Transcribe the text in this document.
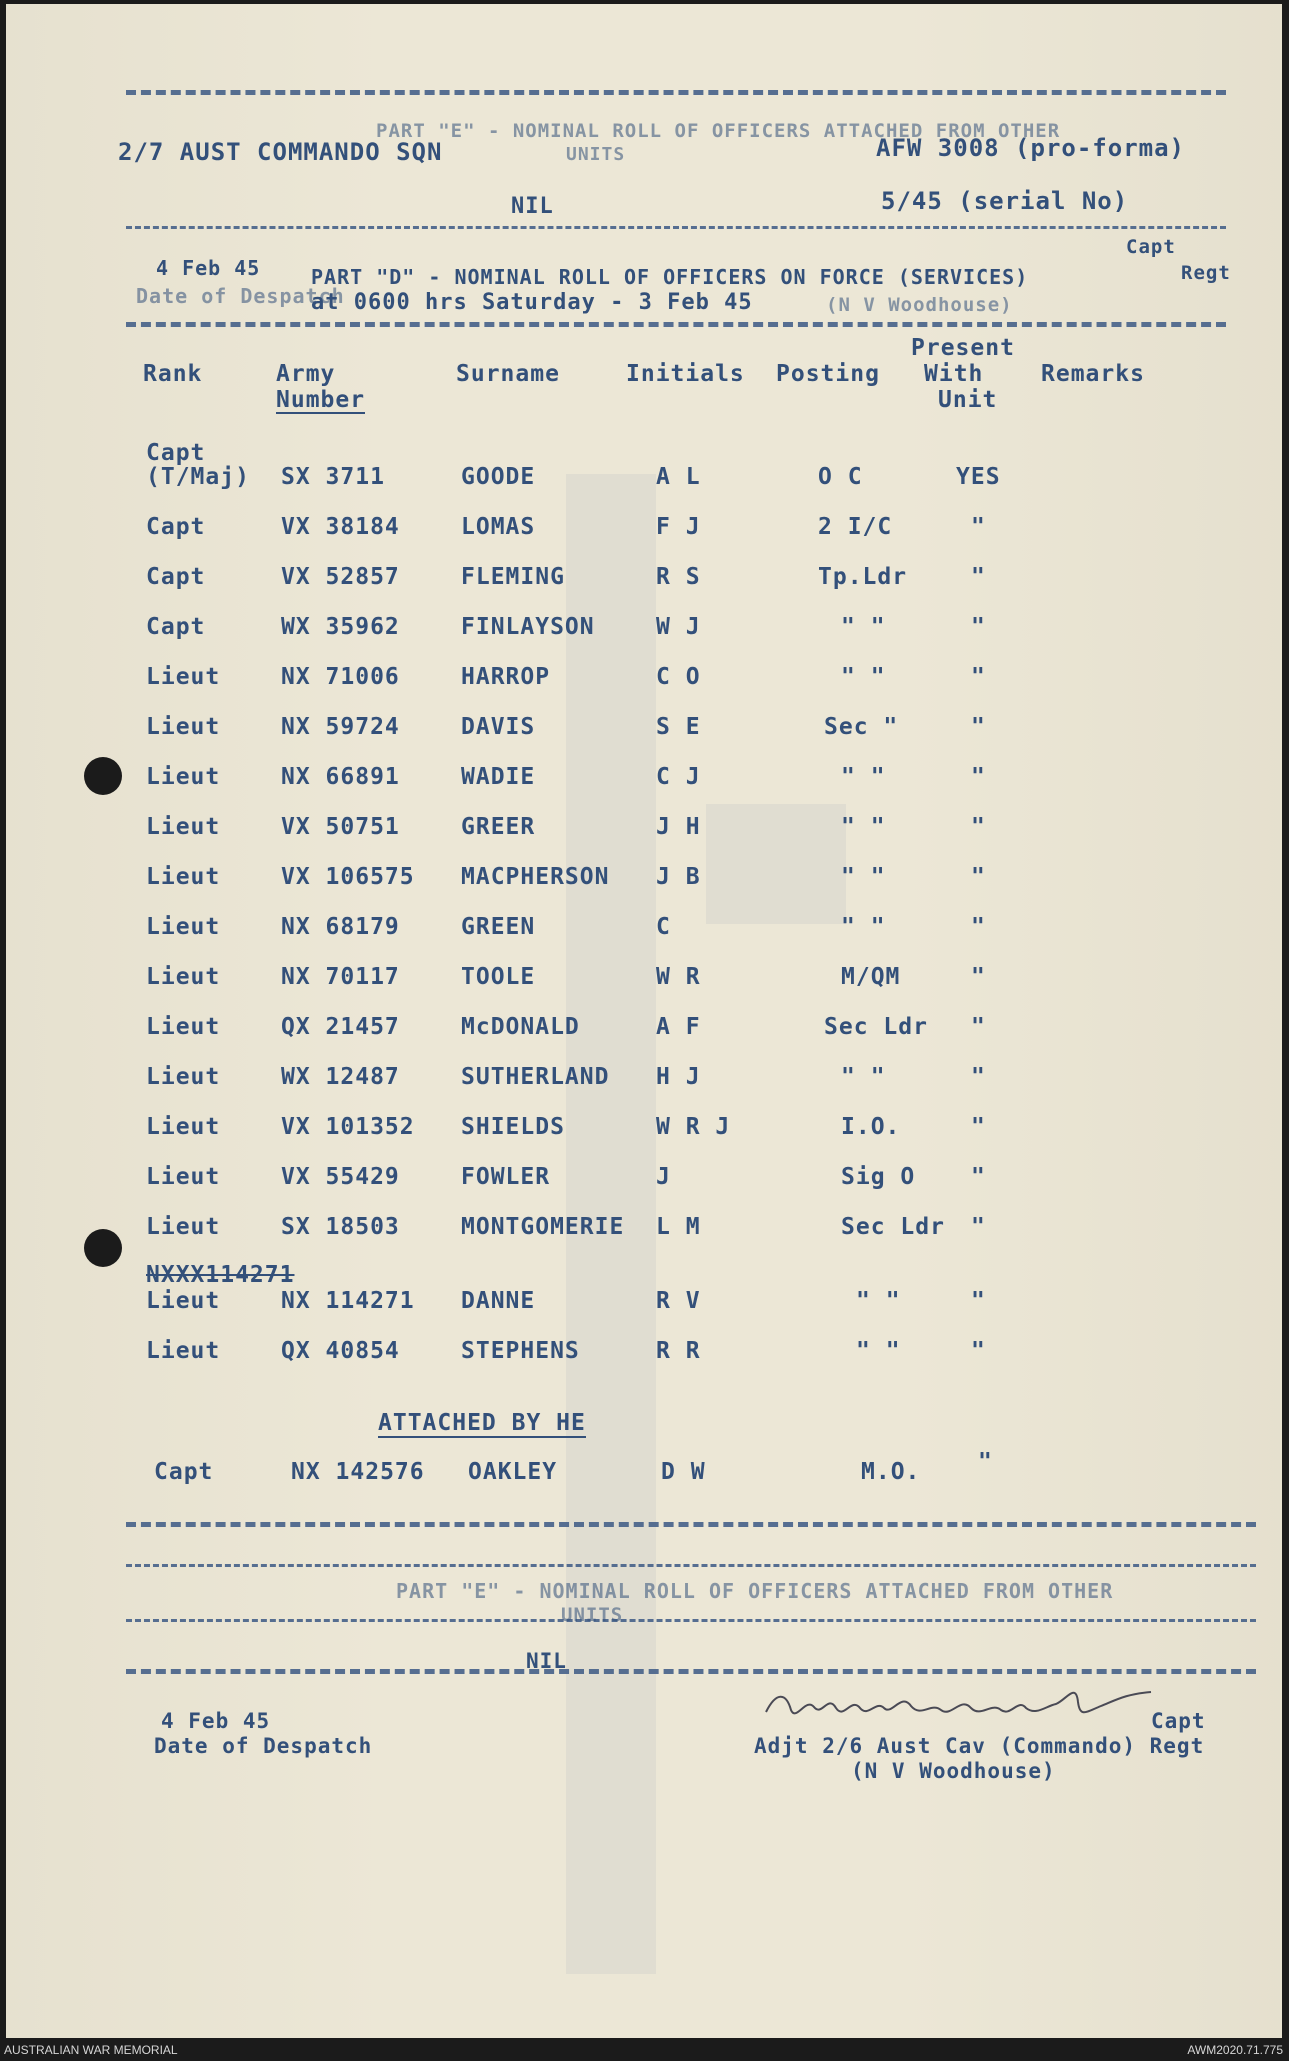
2/7 AUST COMMANDO SQN
PART "E" - NOMINAL ROLL OF OFFICERS ATTACHED FROM OTHER
UNITS	AFW 3008 (pro-forma)
NIL	5/45 (serial No)
4 Feb 45
Date of Despatch
PART "D" - NOMINAL ROLL OF OFFICERS ON FORCE (SERVICES)
at 0600 hrs Saturday - 3 Feb 45
Capt
Regt
(N V Woodhouse)
Rank	Army
Number
Surname	Initials Posting
Present
With
Unit
Remarks
Capt
(T/Maj) SX 3711	GOODE	A L	O C	YES
Capt	VX 38184	LOMAS	F J	2 I/C	"
Capt	VX 52857	FLEMING	R S	Tp.Ldr	"
Capt	WX 35962	FINLAYSON	W J	" "	"
Lieut	NX 71006	HARROP	C O	" "	"
Lieut	NX 59724	DAVIS	S E	Sec "	"
Lieut	NX 66891	WADIE	C J	" "	"
Lieut	VX 50751	GREER	J H	" "	"
Lieut	VX 106575 MACPHERSON J B	" "	"
Lieut	NX 68179	GREEN	C	" "	"
Lieut	NX 70117	TOOLE	W R	M/QM	"
Lieut	QX 21457	McDONALD	A F	Sec Ldr "
Lieut	WX 12487	SUTHERLAND H J	" "	"
Lieut	VX 101352 SHIELDS	W R J	I.O.	"
Lieut	VX 55429	FOWLER	J	Sig O "
Lieut	SX 18503	MONTGOMERIE L M	Sec Ldr "
NXXX114271
Lieut	NX 114271 DANNE	R V	" "	"
Lieut	QX 40854	STEPHENS	R R	" "	"
ATTACHED BY HE
Capt	NX 142576 OAKLEY	D W	M.O.	"
PART "E" - NOMINAL ROLL OF OFFICERS ATTACHED FROM OTHER
UNITS
NIL
4 Feb 45
Date of Despatch
Capt
Adjt 2/6 Aust Cav (Commando) Regt
(N V Woodhouse)
AUSTRALIAN WAR MEMORIAL	AWM2020.71.775
